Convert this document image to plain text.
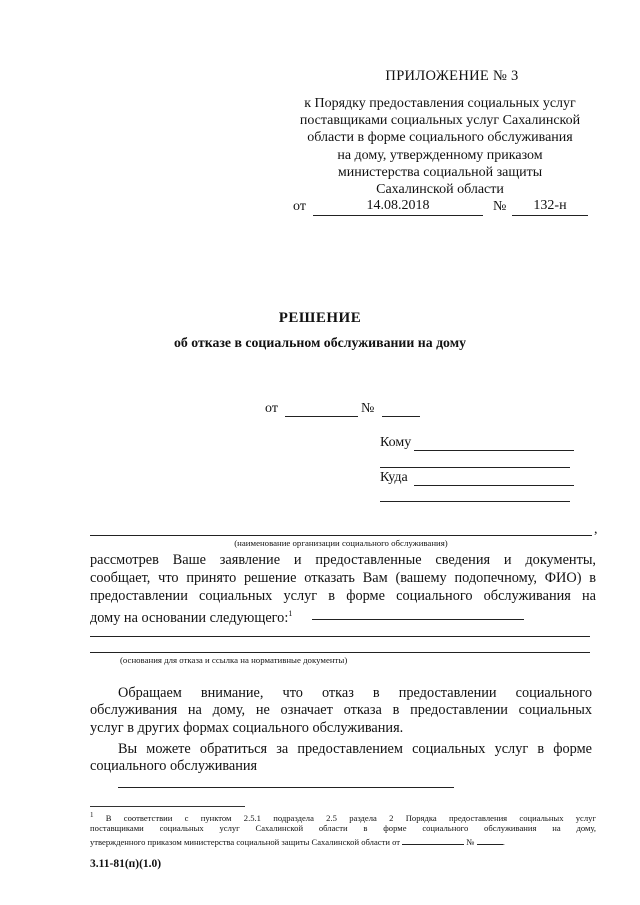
ПРИЛОЖЕНИЕ № 3
к Порядку предоставления социальных услуг
поставщиками социальных услуг Сахалинской
области в форме социального обслуживания
на дому, утвержденному приказом
министерства социальной защиты
Сахалинской области
от	14.08.2018	№	132-н
РЕШЕНИЕ
об отказе в социальном обслуживании на дому
от	№
Кому
Куда
,
(наименование организации социального обслуживания)
рассмотрев Ваше заявление и предоставленные сведения и документы,
сообщает, что принято решение отказать Вам (вашему подопечному, ФИО) в
предоставлении социальных услуг в форме социального обслуживания на
дому на основании следующего:$^1$
(основания для отказа и ссылка на нормативные документы)
Обращаем внимание, что отказ в предоставлении социального
обслуживания на дому, не означает отказа в предоставлении социальных
услуг в других формах социального обслуживания.
Вы можете обратиться за предоставлением социальных услуг в форме
социального обслуживания
$^1$ В соответствии с пунктом 2.5.1 подраздела 2.5 раздела 2 Порядка предоставления социальных услуг
поставщиками социальных услуг Сахалинской области в форме социального обслуживания на дому,
утвержденного приказом министерства социальной защиты Сахалинской области от	№	.
3.11-81(п)(1.0)
